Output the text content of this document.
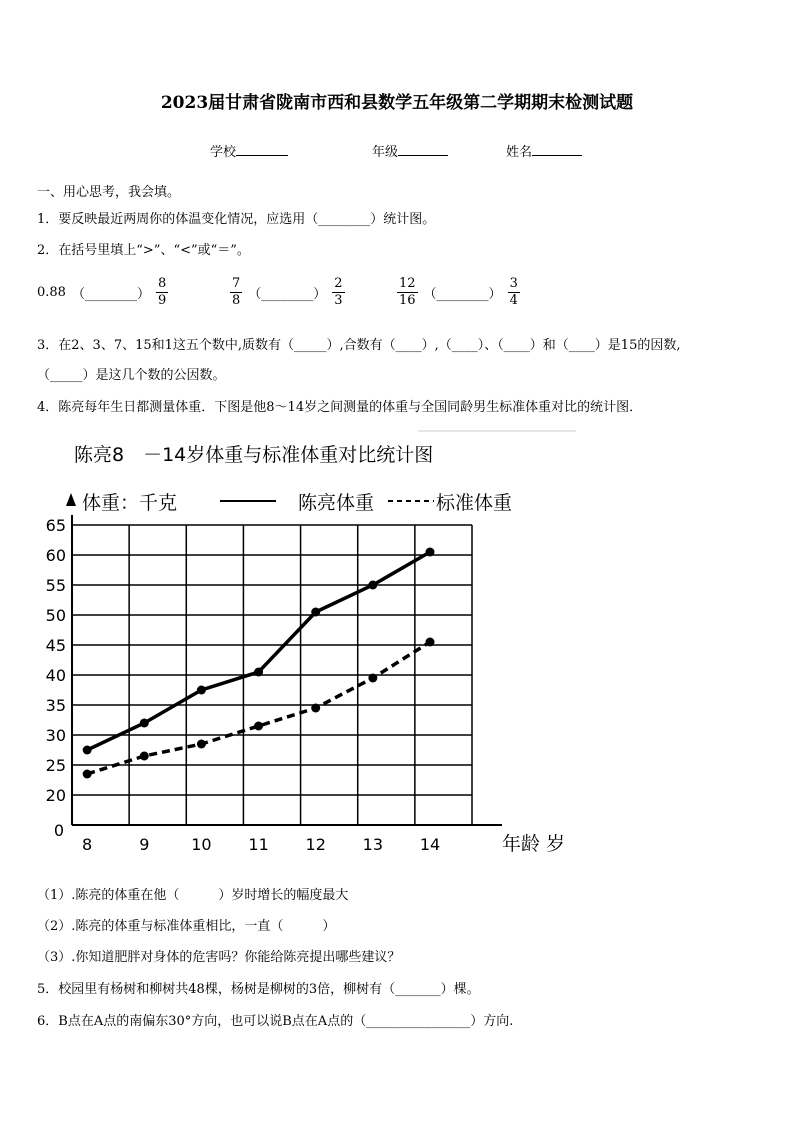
2023届甘肃省陇南市西和县数学五年级第二学期期末检测试题
学校	年级	姓名
一、用心思考，我会填。
1．要反映最近两周你的体温变化情况，应选用（________）统计图。
2．在括号里填上“>”、“<”或“＝”。
0.88 （________） $\frac{8}{9}$	$\frac{7}{8}$ （________） $\frac{2}{3}$	$\frac{12}{16}$ （________） $\frac{3}{4}$
3．在2、3、7、15和1这五个数中,质数有（_____）,合数有（____）,（____）、（____）和（____）是15的因数,
（_____）是这几个数的公因数。
4．陈亮每年生日都测量体重．下图是他8～14岁之间测量的体重与全国同龄男生标准体重对比的统计图．
陈亮8　－14岁体重与标准体重对比统计图
体重：千克	陈亮体重	标准体重
20
25
30
35
40
45
50
55
60
65
8	9	10 11 12 13 14
0
年龄 岁
（1）.陈亮的体重在他（　　　）岁时增长的幅度最大
（2）.陈亮的体重与标准体重相比，一直（　　　）
（3）.你知道肥胖对身体的危害吗？你能给陈亮提出哪些建议？
5．校园里有杨树和柳树共48棵，杨树是柳树的3倍，柳树有（_______）棵。
6．B点在A点的南偏东30°方向，也可以说B点在A点的（________________）方向.
